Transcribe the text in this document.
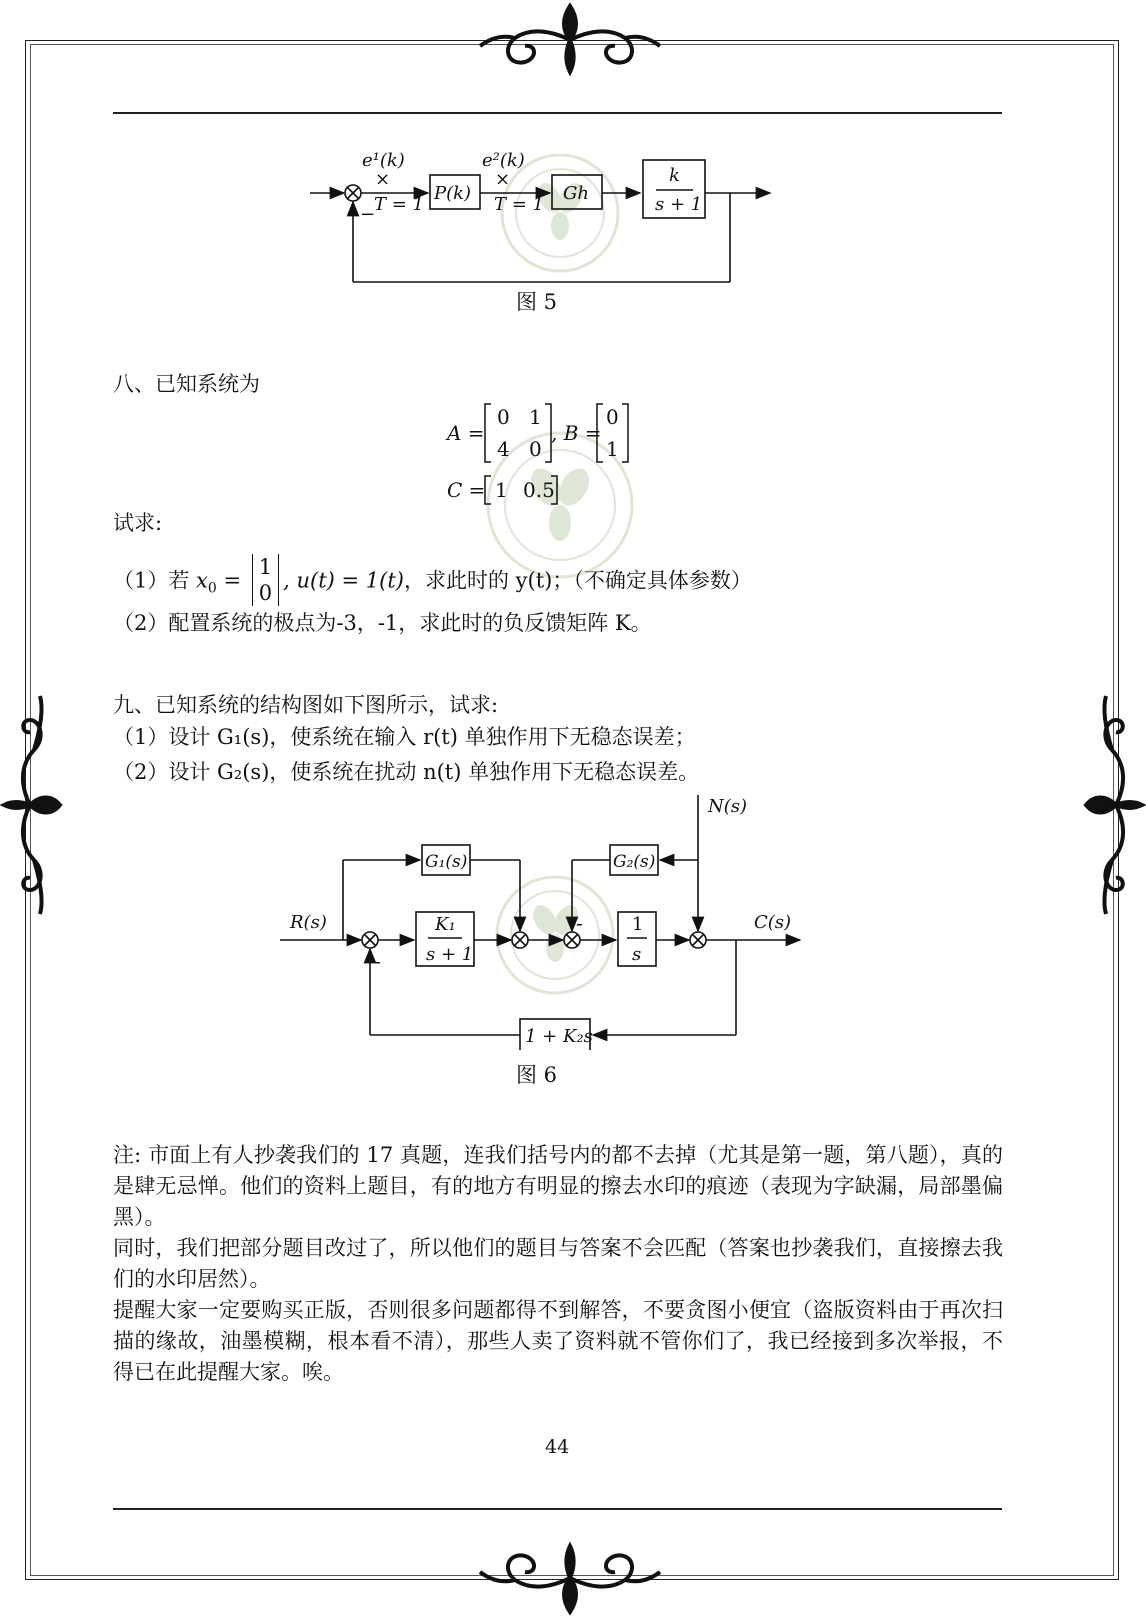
×	×
e¹(k)	e²(k)
T = 1	T = 1
−
P(k)	Gh
k
s + 1
图 5
八、已知系统为
A =
0 1
4 0
, B =
0
1
C = 1 0.5
试求:
（1）若 $x_0$ =
1
0
, u(t) = 1(t)，求此时的 y(t)；（不确定具体参数）
（2）配置系统的极点为-3，-1，求此时的负反馈矩阵 K。
九、已知系统的结构图如下图所示，试求:
（1）设计 G₁(s)，使系统在输入 r(t) 单独作用下无稳态误差；
（2）设计 G₂(s)，使系统在扰动 n(t) 单独作用下无稳态误差。
N(s)
R(s)	C(s)
G₁(s)	G₂(s)
K₁
s + 1
1
s
1 + K₂s
-
-
图 6

注: 市面上有人抄袭我们的 17 真题，连我们括号内的都不去掉（尤其是第一题，第八题），真的是肆无忌惮。他们的资料上题目，有的地方有明显的擦去水印的痕迹（表现为字缺漏，局部墨偏黑）。

同时，我们把部分题目改过了，所以他们的题目与答案不会匹配（答案也抄袭我们，直接擦去我们的水印居然）。

提醒大家一定要购买正版，否则很多问题都得不到解答，不要贪图小便宜（盗版资料由于再次扫描的缘故，油墨模糊，根本看不清），那些人卖了资料就不管你们了，我已经接到多次举报，不得已在此提醒大家。唉。

44
